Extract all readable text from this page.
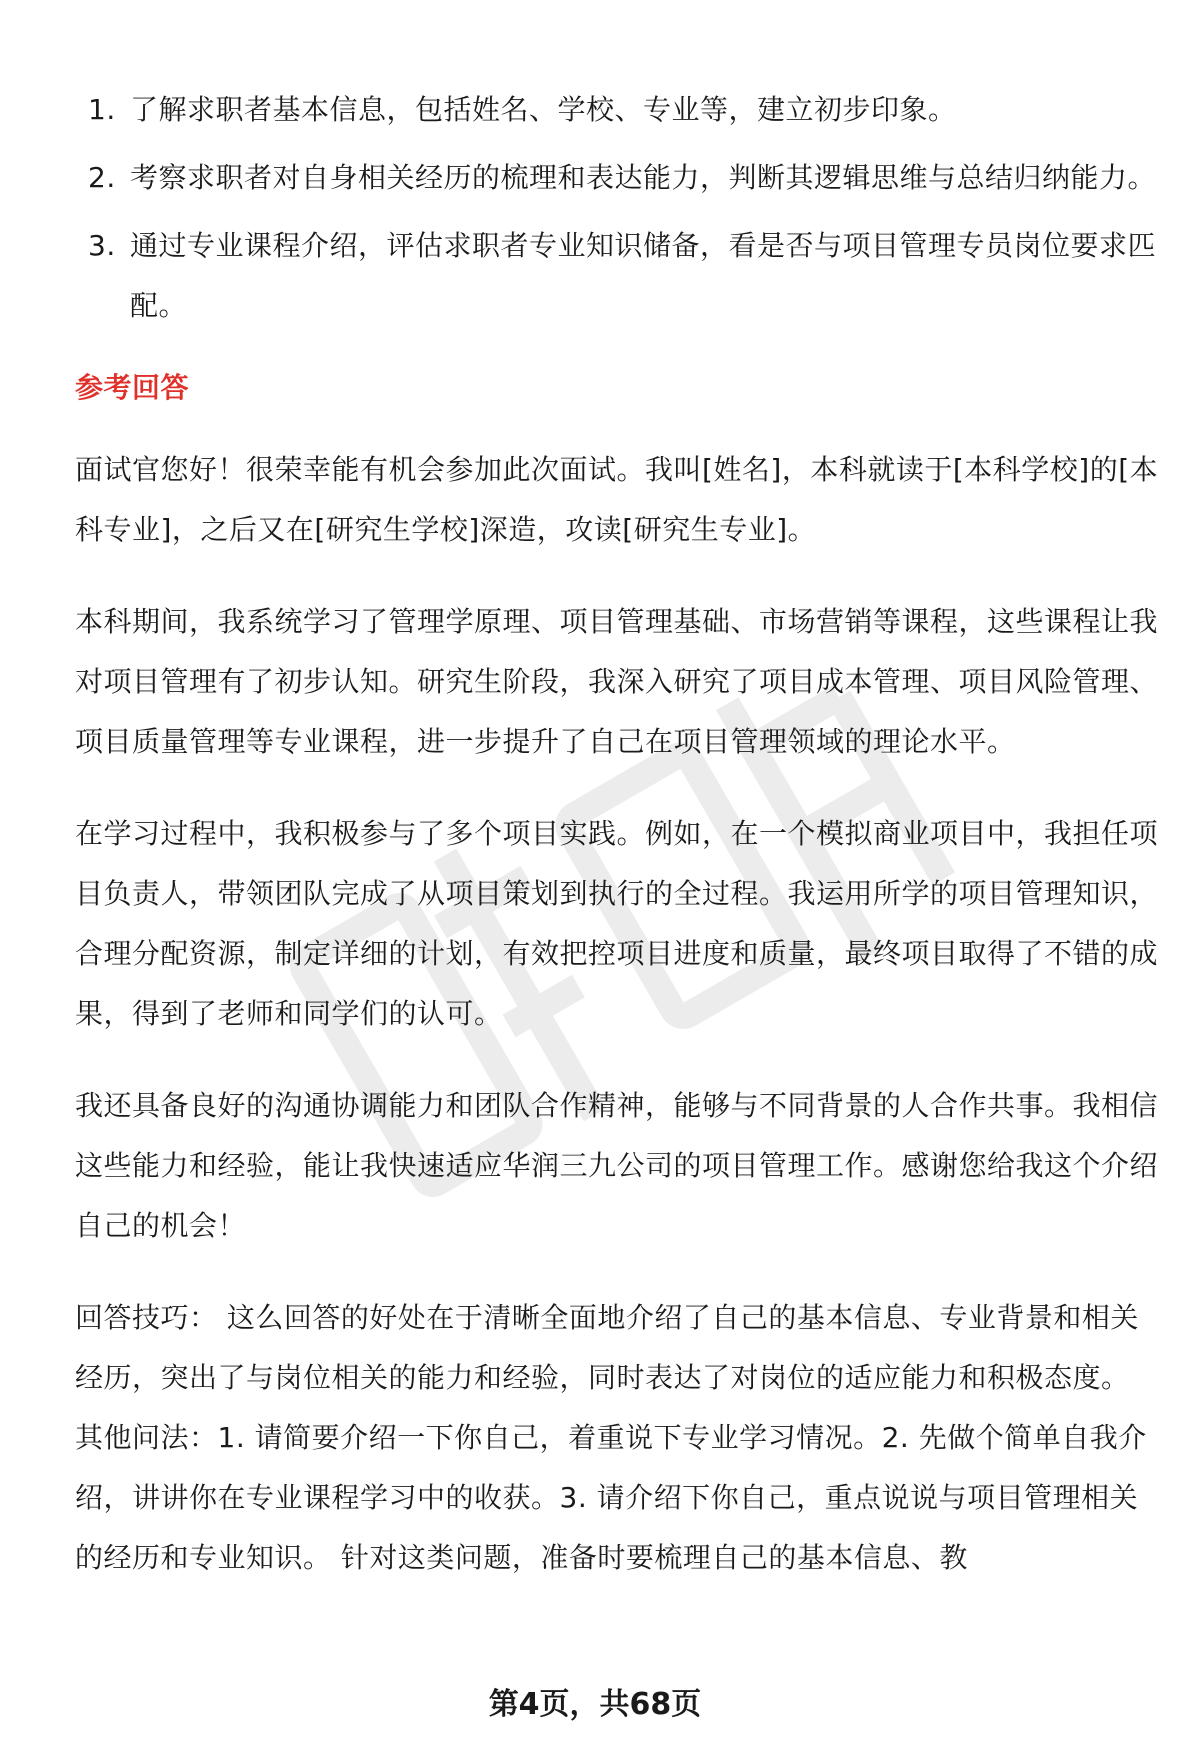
1. 了解求职者基本信息，包括姓名、学校、专业等，建立初步印象。
2. 考察求职者对自身相关经历的梳理和表达能力，判断其逻辑思维与总结归纳能力。
3. 通过专业课程介绍，评估求职者专业知识储备，看是否与项目管理专员岗位要求匹配。
参考回答

面试官您好！很荣幸能有机会参加此次面试。我叫[姓名]，本科就读于[本科学校]的[本科专业]，之后又在[研究生学校]深造，攻读[研究生专业]。

本科期间，我系统学习了管理学原理、项目管理基础、市场营销等课程，这些课程让我对项目管理有了初步认知。研究生阶段，我深入研究了项目成本管理、项目风险管理、项目质量管理等专业课程，进一步提升了自己在项目管理领域的理论水平。

在学习过程中，我积极参与了多个项目实践。例如，在一个模拟商业项目中，我担任项目负责人，带领团队完成了从项目策划到执行的全过程。我运用所学的项目管理知识，合理分配资源，制定详细的计划，有效把控项目进度和质量，最终项目取得了不错的成果，得到了老师和同学们的认可。

我还具备良好的沟通协调能力和团队合作精神，能够与不同背景的人合作共事。我相信这些能力和经验，能让我快速适应华润三九公司的项目管理工作。感谢您给我这个介绍自己的机会！

回答技巧： 这么回答的好处在于清晰全面地介绍了自己的基本信息、专业背景和相关经历，突出了与岗位相关的能力和经验，同时表达了对岗位的适应能力和积极态度。 其他问法：1. 请简要介绍一下你自己，着重说下专业学习情况。2. 先做个简单自我介绍，讲讲你在专业课程学习中的收获。3. 请介绍下你自己，重点说说与项目管理相关的经历和专业知识。 针对这类问题，准备时要梳理自己的基本信息、教

第4页，共68页
